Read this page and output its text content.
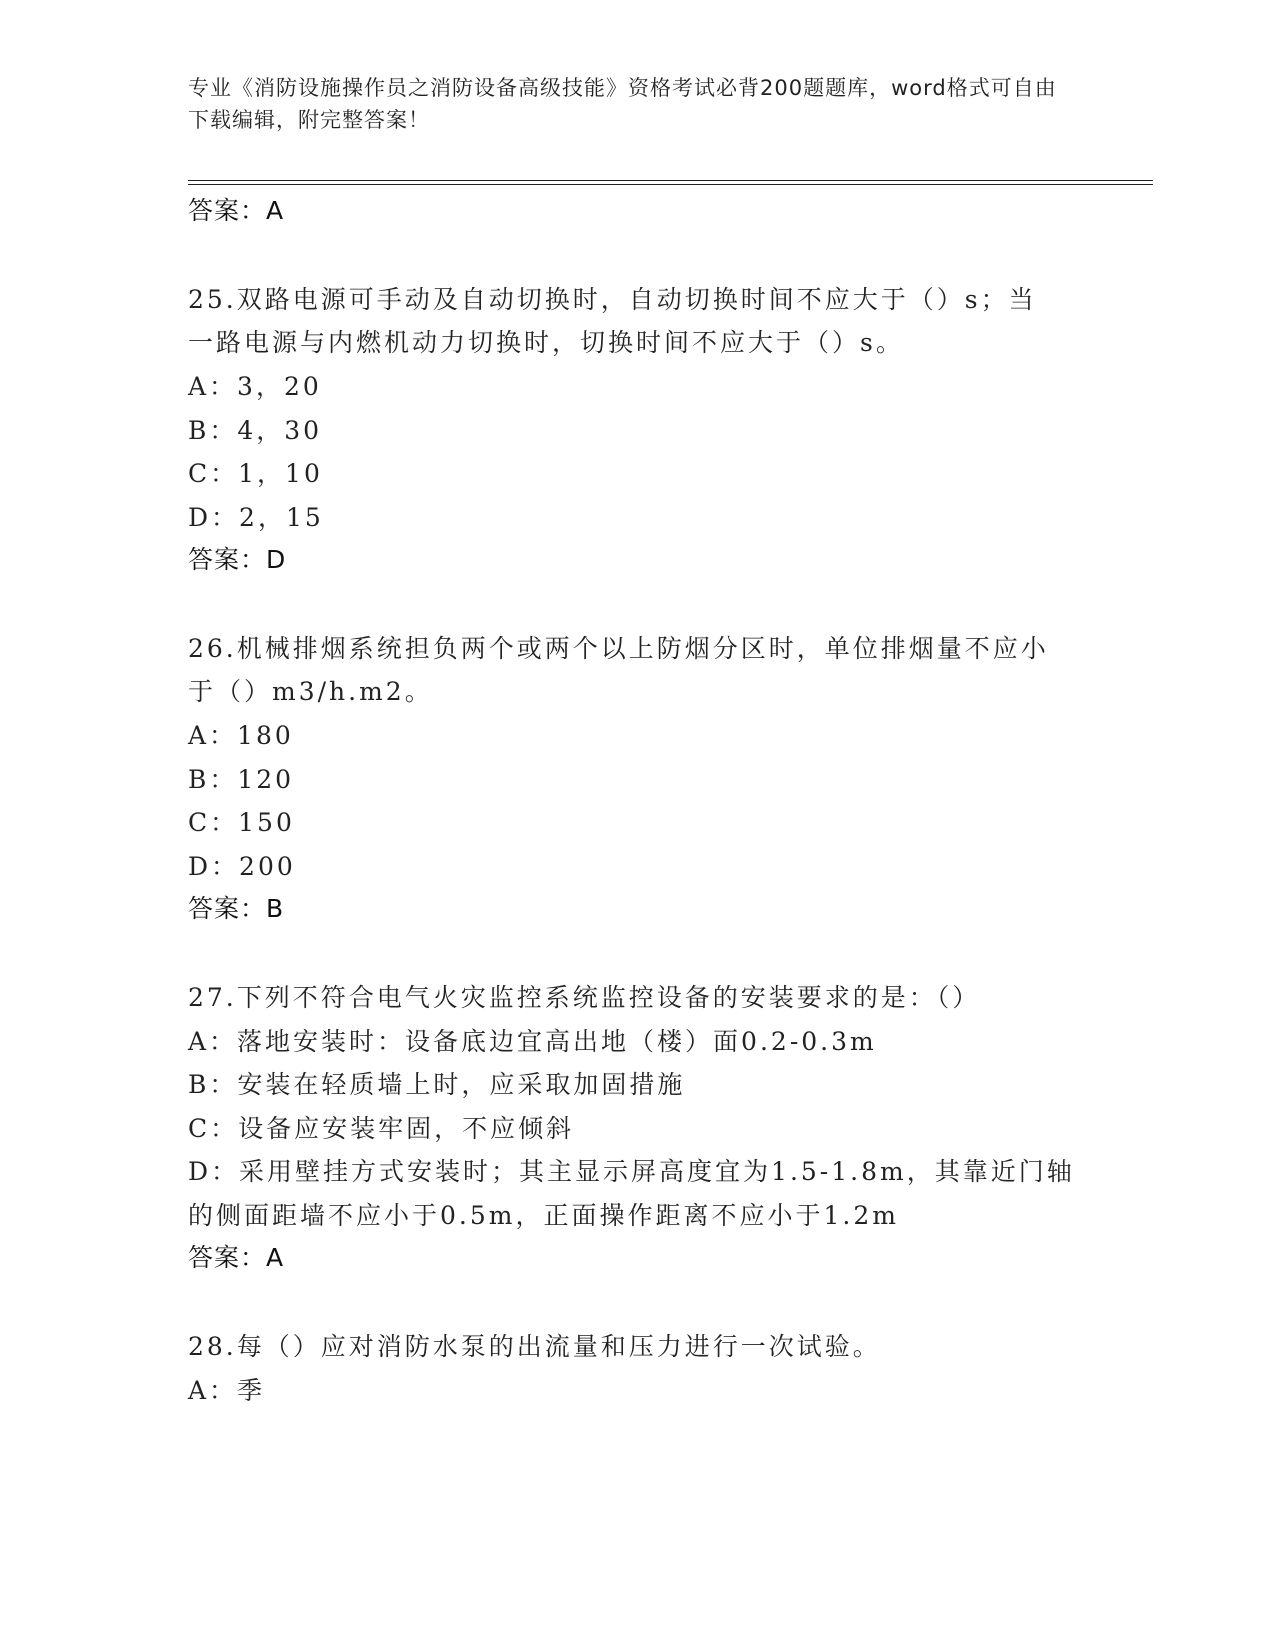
专业《消防设施操作员之消防设备高级技能》资格考试必背200题题库，word格式可自由下载编辑，附完整答案！
答案：A
25.双路电源可手动及自动切换时，自动切换时间不应大于（）s；当
一路电源与内燃机动力切换时，切换时间不应大于（）s。
A：3，20
B：4，30
C：1，10
D：2，15
答案：D
26.机械排烟系统担负两个或两个以上防烟分区时，单位排烟量不应小
于（）m3/h.m2。
A：180
B：120
C：150
D：200
答案：B
27.下列不符合电气火灾监控系统监控设备的安装要求的是：（）
A：落地安装时：设备底边宜高出地（楼）面0.2-0.3m
B：安装在轻质墙上时，应采取加固措施
C：设备应安装牢固，不应倾斜
D：采用壁挂方式安装时；其主显示屏高度宜为1.5-1.8m，其靠近门轴
的侧面距墙不应小于0.5m，正面操作距离不应小于1.2m
答案：A
28.每（）应对消防水泵的出流量和压力进行一次试验。
A：季
